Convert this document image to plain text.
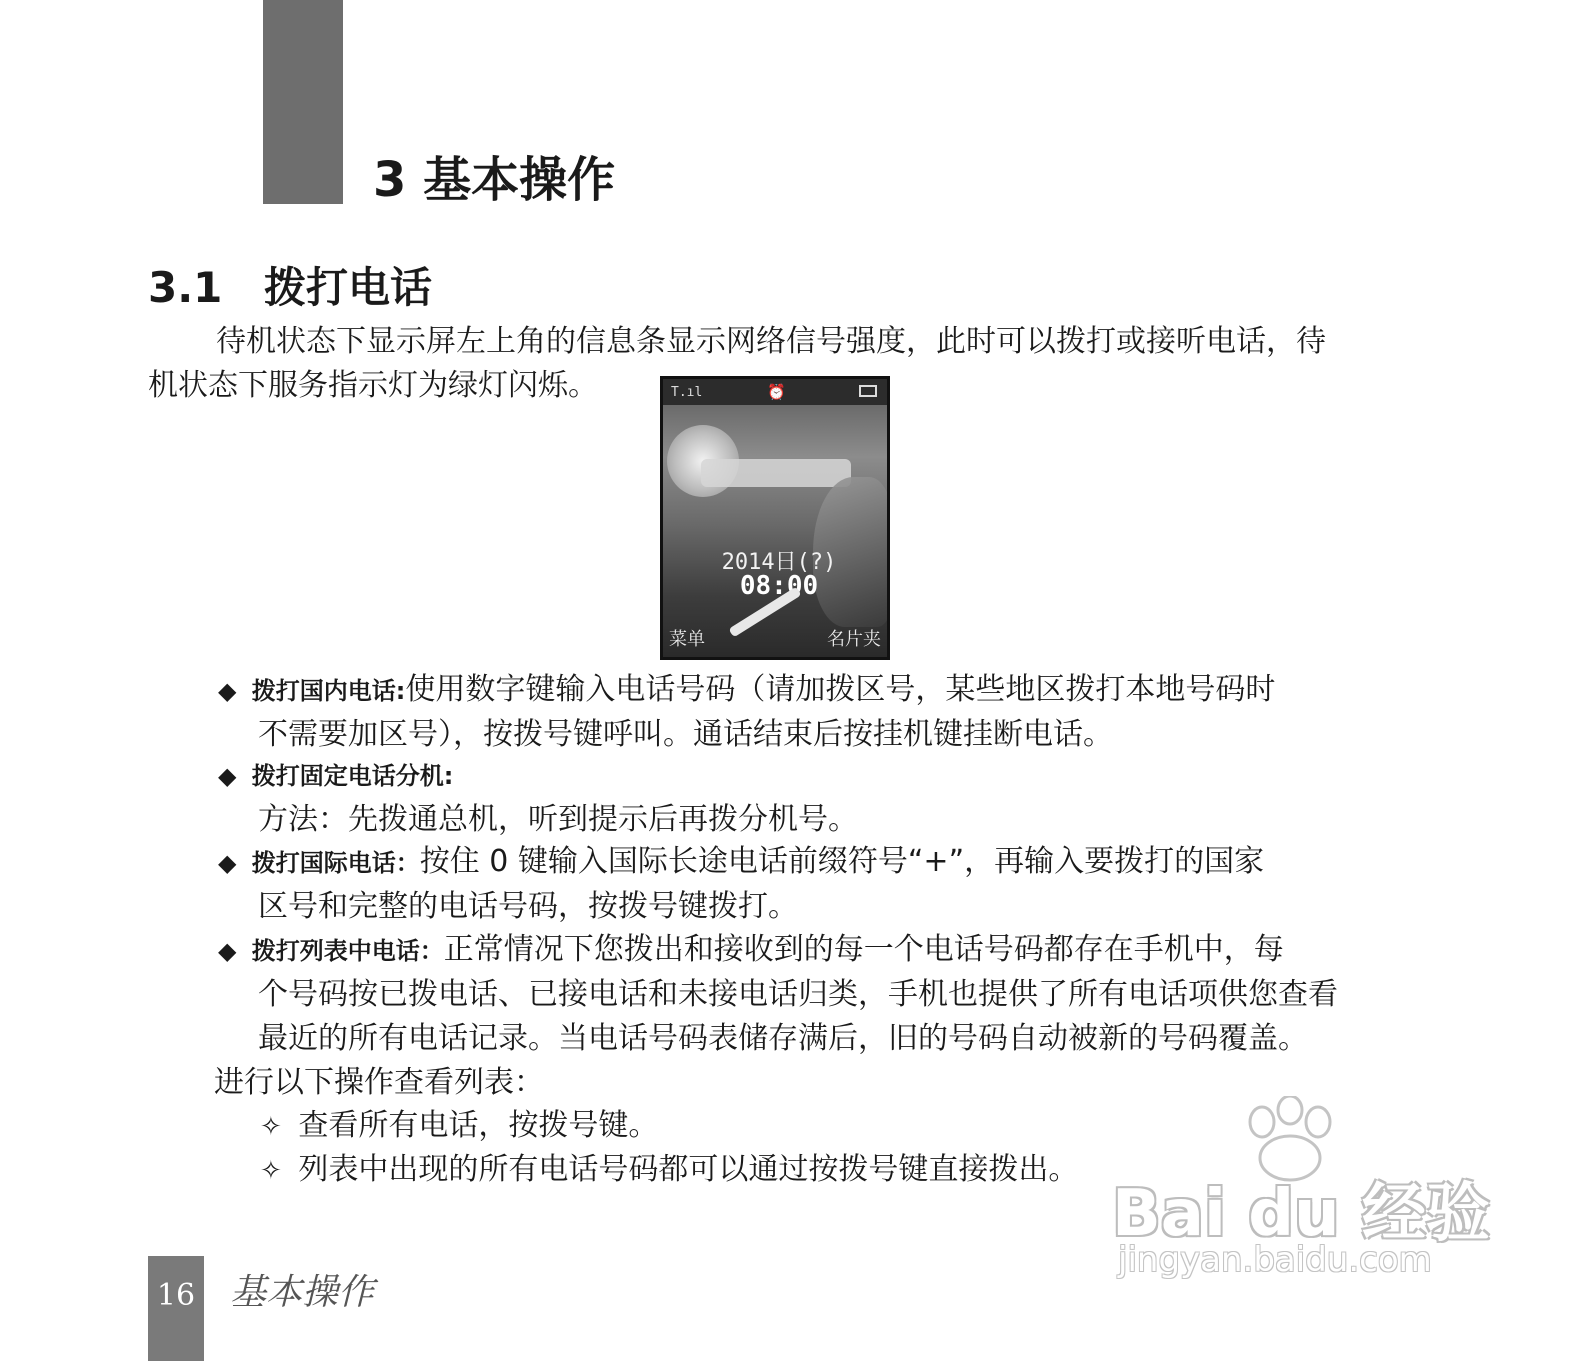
3 基本操作
3.1 拨打电话
待机状态下显示屏左上角的信息条显示网络信号强度，此时可以拨打或接听电话，待
机状态下服务指示灯为绿灯闪烁。	T.ıl	⏰
2014日(?)
08:00
菜单	名片夹
◆ 拨打国内电话:使用数字键输入电话号码（请加拨区号，某些地区拨打本地号码时
不需要加区号），按拨号键呼叫。通话结束后按挂机键挂断电话。
◆ 拨打固定电话分机:
方法：先拨通总机，听到提示后再拨分机号。
◆ 拨打国际电话：按住 0 键输入国际长途电话前缀符号“+”，再输入要拨打的国家
区号和完整的电话号码，按拨号键拨打。
◆ 拨打列表中电话：正常情况下您拨出和接收到的每一个电话号码都存在手机中，每
个号码按已拨电话、已接电话和未接电话归类，手机也提供了所有电话项供您查看
最近的所有电话记录。当电话号码表储存满后，旧的号码自动被新的号码覆盖。
进行以下操作查看列表：
✧ 查看所有电话，按拨号键。
✧ 列表中出现的所有电话号码都可以通过按拨号键直接拨出。
Bai du 经验
jingyan.baidu.com
16 基本操作
